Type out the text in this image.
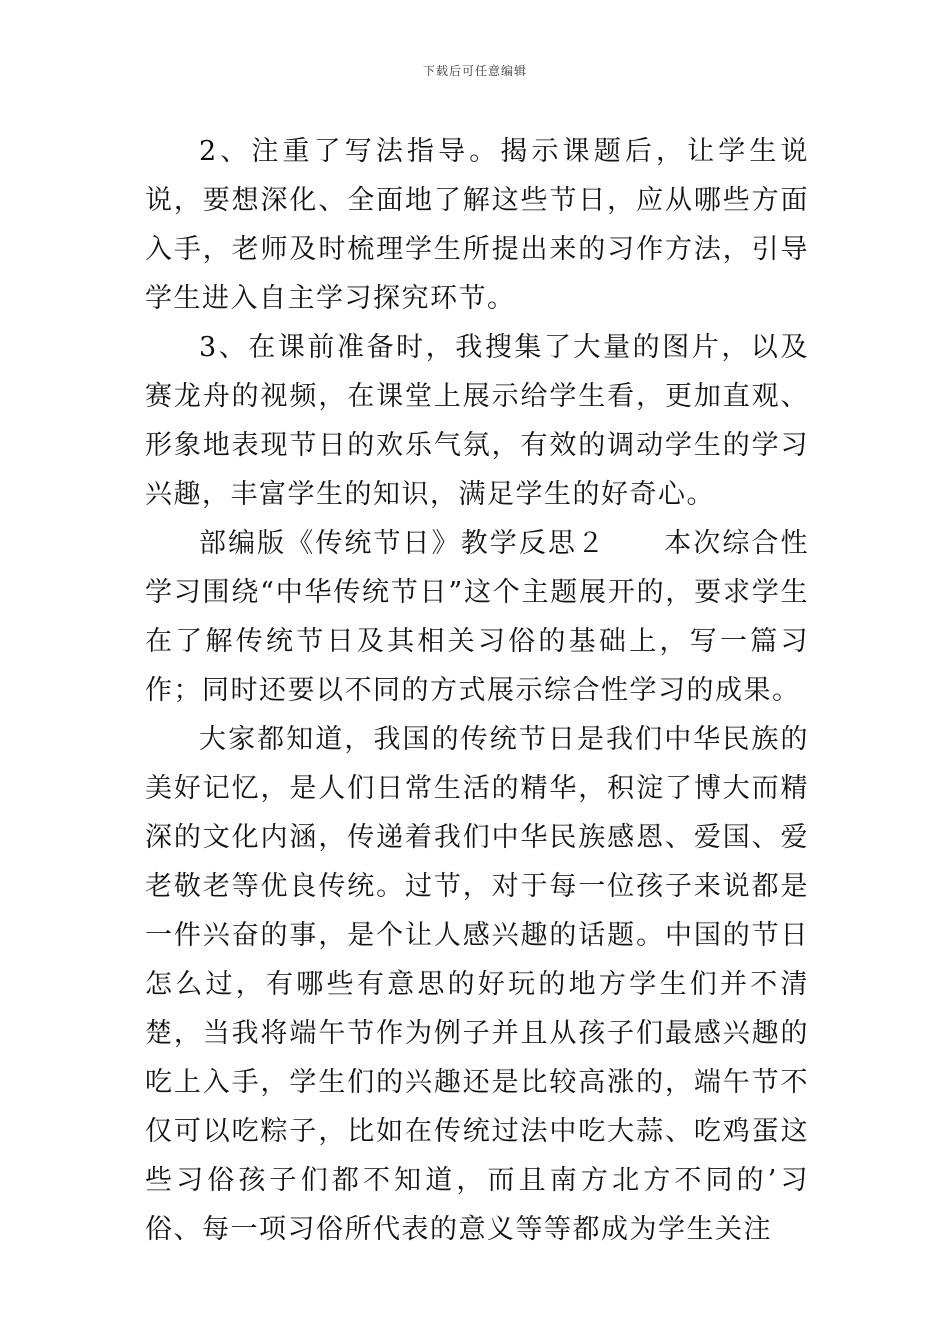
下载后可任意编辑

2、注重了写法指导。揭示课题后，让学生说说，要想深化、全面地了解这些节日，应从哪些方面入手，老师及时梳理学生所提出来的习作方法，引导学生进入自主学习探究环节。

3、在课前准备时，我搜集了大量的图片，以及赛龙舟的视频，在课堂上展示给学生看，更加直观、形象地表现节日的欢乐气氛，有效的调动学生的学习兴趣，丰富学生的知识，满足学生的好奇心。

部编版《传统节日》教学反思２　　本次综合性学习围绕“中华传统节日”这个主题展开的，要求学生在了解传统节日及其相关习俗的基础上，写一篇习作；同时还要以不同的方式展示综合性学习的成果。

大家都知道，我国的传统节日是我们中华民族的美好记忆，是人们日常生活的精华，积淀了博大而精深的文化内涵，传递着我们中华民族感恩、爱国、爱老敬老等优良传统。过节，对于每一位孩子来说都是一件兴奋的事，是个让人感兴趣的话题。中国的节日怎么过，有哪些有意思的好玩的地方学生们并不清楚，当我将端午节作为例子并且从孩子们最感兴趣的吃上入手，学生们的兴趣还是比较高涨的，端午节不仅可以吃粽子，比如在传统过法中吃大蒜、吃鸡蛋这些习俗孩子们都不知道，而且南方北方不同的’习俗、每一项习俗所代表的意义等等都成为学生关注
